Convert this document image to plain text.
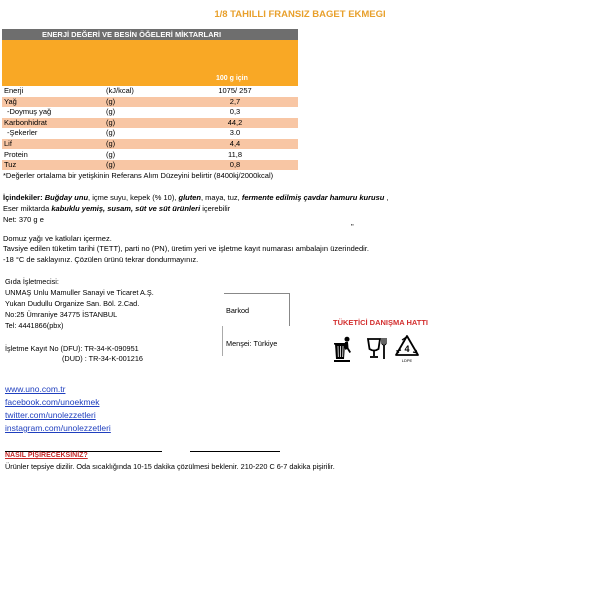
1/8 TAHILLI FRANSIZ BAGET EKMEGI
ENERJİ DEĞERİ VE BESİN ÖĞELERİ MİKTARLARI
100 g için
Enerji	(kJ/kcal)	1075/ 257
Yağ	(g)	2,7
-Doymuş yağ	(g)	0,3
Karbonhidrat	(g)	44,2
-Şekerler	(g)	3.0
Lif	(g)	4,4
Protein	(g)	11,8
Tuz	(g)	0,8
*Değerler ortalama bir yetişkinin Referans Alım Düzeyini belirtir (8400kj/2000kcal)
İçindekiler: Buğday unu, içme suyu, kepek (% 10), gluten, maya, tuz, fermente edilmiş çavdar hamuru kurusu ,
Eser miktarda kabuklu yemiş, susam, süt ve süt ürünleri içerebilir
Net: 370 g e
"
Domuz yağı ve katkıları içermez.
Tavsiye edilen tüketim tarihi (TETT), parti no (PN), üretim yeri ve işletme kayıt numarası ambalajın üzerindedir.
-18 °C de saklayınız. Çözülen ürünü tekrar dondurmayınız.
Gıda İşletmecisi:
UNMAŞ Unlu Mamuller Sanayi ve Ticaret A.Ş.
Yukarı Dudullu Organize San. Böl. 2.Cad.
No:25 Ümraniye 34775 İSTANBUL
Tel: 4441866(pbx)
İşletme Kayıt No (DFU): TR-34-K-090951
(DUD) : TR-34-K-001216
Barkod
Menşei: Türkiye
TÜKETİCİ DANIŞMA HATTI
4
LDPE
www.uno.com.tr
facebook.com/unoekmek
twitter.com/unolezzetleri
instagram.com/unolezzetleri
NASIL PİŞİRECEKSİNİZ?
Ürünler tepsiye dizilir. Oda sıcaklığında 10-15 dakika çözülmesi beklenir. 210-220 C 6-7 dakika pişirilir.
